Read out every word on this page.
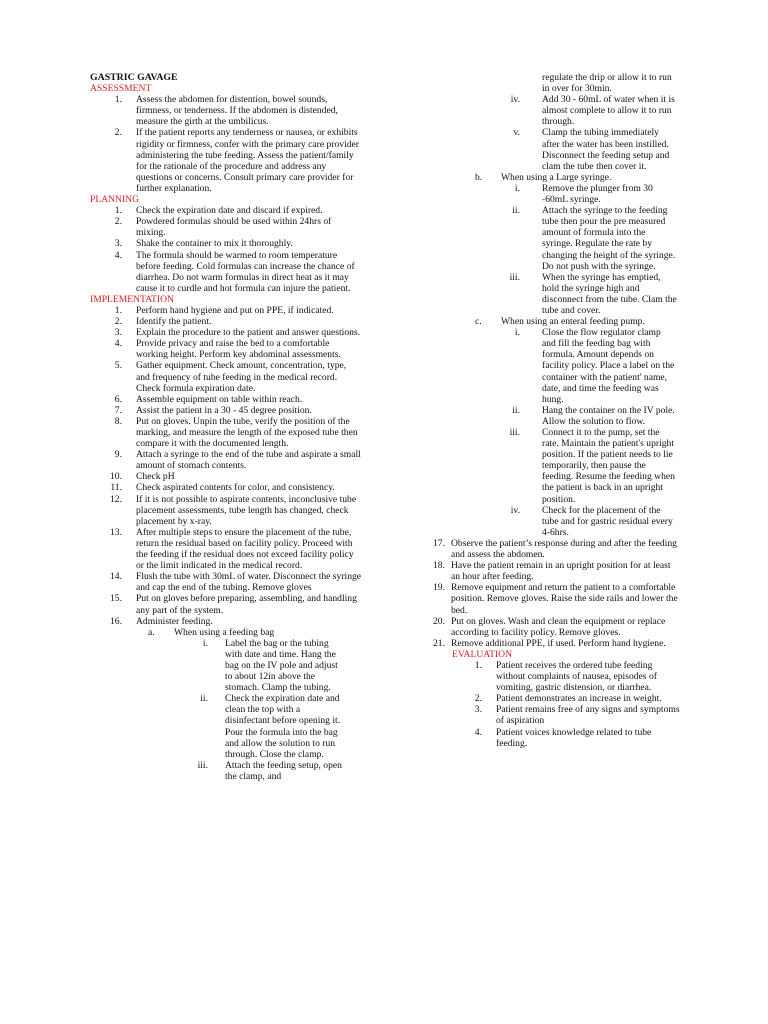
GASTRIC GAVAGE
ASSESSMENT
1.	Assess the abdomen for distention, bowel sounds, firmness, or tenderness. If the abdomen is distended, measure the girth at the umbilicus.
2.	If the patient reports any tenderness or nausea, or exhibits rigidity or firmness, confer with the primary care provider administering the tube feeding. Assess the patient/family for the rationale of the procedure and address any questions or concerns. Consult primary care provider for further explanation.
PLANNING
1.	Check the expiration date and discard if expired.
2.	Powdered formulas should be used within 24hrs of mixing.
3.	Shake the container to mix it thoroughly.
4.	The formula should be warmed to room temperature before feeding. Cold formulas can increase the chance of diarrhea. Do not warm formulas in direct heat as it may cause it to curdle and hot formula can injure the patient.
IMPLEMENTATION
1.	Perform hand hygiene and put on PPE, if indicated.
2.	Identify the patient.
3.	Explain the procedure to the patient and answer questions.
4.	Provide privacy and raise the bed to a comfortable working height. Perform key abdominal assessments.
5.	Gather equipment. Check amount, concentration, type, and frequency of tube feeding in the medical record. Check formula expiration date.
6.	Assemble equipment on table within reach.
7.	Assist the patient in a 30 - 45 degree position.
8.	Put on gloves. Unpin the tube, verify the position of the marking, and measure the length of the exposed tube then compare it with the documented length.
9.	Attach a syringe to the end of the tube and aspirate a small amount of stomach contents.
10.	Check pH
11.	Check aspirated contents for color, and consistency.
12.	If it is not possible to aspirate contents, inconclusive tube placement assessments, tube length has changed, check placement by x-ray.
13.	After multiple steps to ensure the placement of the tube, return the residual based on facility policy. Proceed with the feeding if the residual does not exceed facility policy or the limit indicated in the medical record.
14.	Flush the tube with 30mL of water. Disconnect the syringe and cap the end of the tubing. Remove gloves
15.	Put on gloves before preparing, assembling, and handling any part of the system.
16.	Administer feeding.
a.	When using a feeding bag
i.	Label the bag or the tubing with date and time. Hang the bag on the IV pole and adjust to about 12in above the stomach. Clamp the tubing.
ii.	Check the expiration date and clean the top with a disinfectant before opening it. Pour the formula into the bag and allow the solution to run through. Close the clamp.
iii.	Attach the feeding setup, open the clamp, and
regulate the drip or allow it to run in over for 30min.
iv.	Add 30 - 60mL of water when it is almost complete to allow it to run through.
v.	Clamp the tubing immediately after the water has been instilled. Disconnect the feeding setup and clam the tube then cover it.
b.	When using a Large syringe.
i.	Remove the plunger from 30 -60mL syringe.
ii.	Attach the syringe to the feeding tube then pour the pre measured amount of formula into the syringe. Regulate the rate by changing the height of the syringe. Do not push with the syringe.
iii.	When the syringe has emptied, hold the syringe high and disconnect from the tube. Clam the tube and cover.
c.	When using an enteral feeding pump.
i.	Close the flow regulator clamp and fill the feeding bag with formula. Amount depends on facility policy. Place a label on the container with the patient' name, date, and time the feeding was hung.
ii.	Hang the container on the IV pole. Allow the solution to flow.
iii.	Connect it to the pump, set the rate. Maintain the patient's upright position. If the patient needs to lie temporarily, then pause the feeding. Resume the feeding when the patient is back in an upright position.
iv.	Check for the placement of the tube and for gastric residual every 4-6hrs.
17. Observe the patient’s response during and after the feeding and assess the abdomen.
18. Have the patient remain in an upright position for at least an hour after feeding.
19. Remove equipment and return the patient to a comfortable position. Remove gloves. Raise the side rails and lower the bed.
20. Put on gloves. Wash and clean the equipment or replace according to facility policy. Remove gloves.
21. Remove additional PPE, if used. Perform hand hygiene.
EVALUATION
1.	Patient receives the ordered tube feeding without complaints of nausea, episodes of vomiting, gastric distension, or diarrhea.
2.	Patient demonstrates an increase in weight.
3.	Patient remains free of any signs and symptoms of aspiration
4.	Patient voices knowledge related to tube feeding.
